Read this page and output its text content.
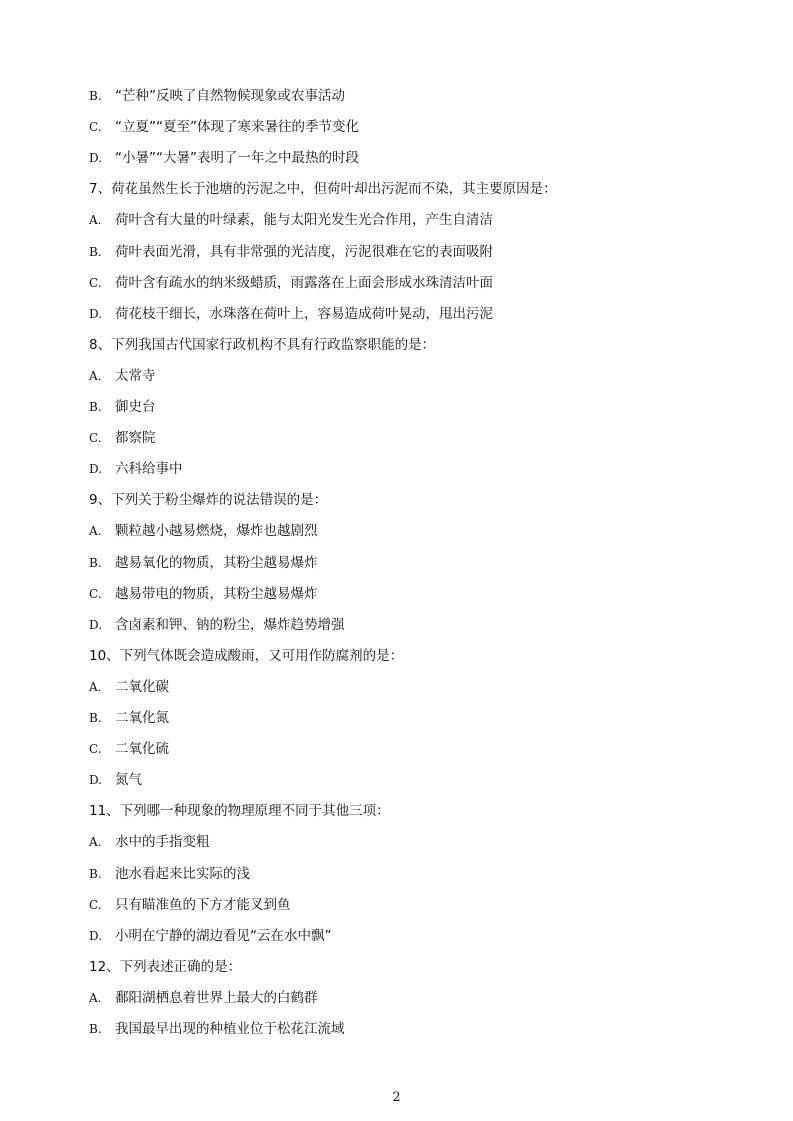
B. “芒种”反映了自然物候现象或农事活动
C. “立夏”“夏至”体现了寒来暑往的季节变化
D. “小暑”“大暑”表明了一年之中最热的时段
7、荷花虽然生长于池塘的污泥之中，但荷叶却出污泥而不染，其主要原因是：
A. 荷叶含有大量的叶绿素，能与太阳光发生光合作用，产生自清洁
B. 荷叶表面光滑，具有非常强的光洁度，污泥很难在它的表面吸附
C. 荷叶含有疏水的纳米级蜡质，雨露落在上面会形成水珠清洁叶面
D. 荷花枝干细长，水珠落在荷叶上，容易造成荷叶晃动，甩出污泥
8、下列我国古代国家行政机构不具有行政监察职能的是：
A. 太常寺
B. 御史台
C. 都察院
D. 六科给事中
9、下列关于粉尘爆炸的说法错误的是：
A. 颗粒越小越易燃烧，爆炸也越剧烈
B. 越易氧化的物质，其粉尘越易爆炸
C. 越易带电的物质，其粉尘越易爆炸
D. 含卤素和钾、钠的粉尘，爆炸趋势增强
10、下列气体既会造成酸雨，又可用作防腐剂的是：
A. 二氧化碳
B. 二氧化氮
C. 二氧化硫
D. 氮气
11、下列哪一种现象的物理原理不同于其他三项：
A. 水中的手指变粗
B. 池水看起来比实际的浅
C. 只有瞄准鱼的下方才能叉到鱼
D. 小明在宁静的湖边看见“云在水中飘”
12、下列表述正确的是：
A. 鄱阳湖栖息着世界上最大的白鹤群
B. 我国最早出现的种植业位于松花江流域
2
